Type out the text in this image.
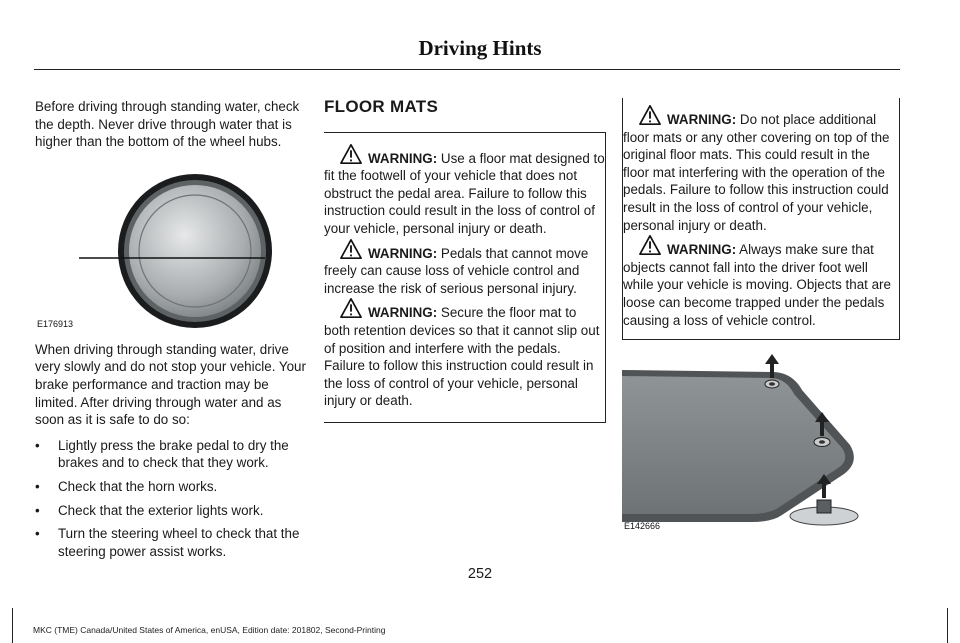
Driving Hints

Before driving through standing water, check the depth. Never drive through water that is higher than the bottom of the wheel hubs.

E176913

When driving through standing water, drive very slowly and do not stop your vehicle. Your brake performance and traction may be limited. After driving through water and as soon as it is safe to do so:

• Lightly press the brake pedal to dry the brakes and to check that they work.
• Check that the horn works.
• Check that the exterior lights work.
• Turn the steering wheel to check that the steering power assist works.
FLOOR MATS

WARNING: Use a floor mat designed to fit the footwell of your vehicle that does not obstruct the pedal area. Failure to follow this instruction could result in the loss of control of your vehicle, personal injury or death.

WARNING: Pedals that cannot move freely can cause loss of vehicle control and increase the risk of serious personal injury.

WARNING: Secure the floor mat to both retention devices so that it cannot slip out of position and interfere with the pedals. Failure to follow this instruction could result in the loss of control of your vehicle, personal injury or death.

WARNING: Do not place additional floor mats or any other covering on top of the original floor mats. This could result in the floor mat interfering with the operation of the pedals. Failure to follow this instruction could result in the loss of control of your vehicle, personal injury or death.

WARNING: Always make sure that objects cannot fall into the driver foot well while your vehicle is moving. Objects that are loose can become trapped under the pedals causing a loss of vehicle control.

E142666
252
MKC (TME) Canada/United States of America, enUSA, Edition date: 201802, Second-Printing
